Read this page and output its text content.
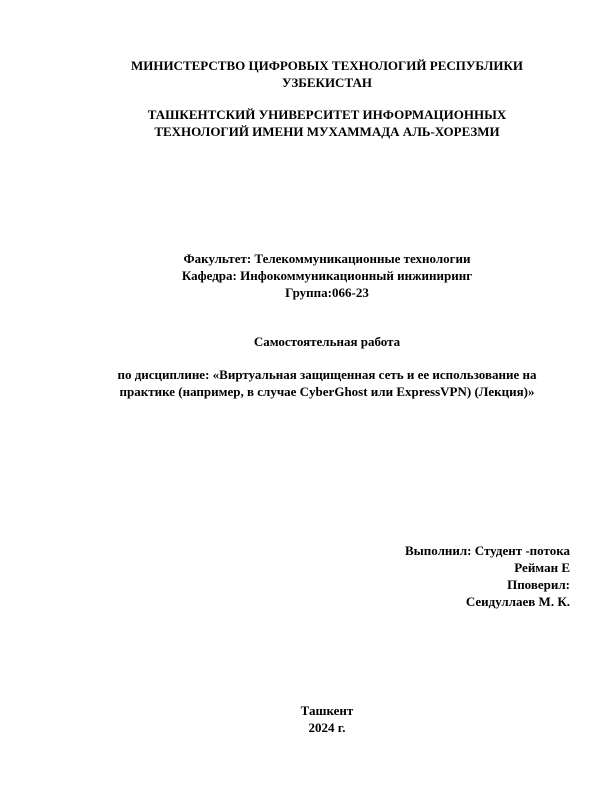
МИНИСТЕРСТВО ЦИФРОВЫХ ТЕХНОЛОГИЙ РЕСПУБЛИКИ
УЗБЕКИСТАН
ТАШКЕНТСКИЙ УНИВЕРСИТЕТ ИНФОРМАЦИОННЫХ
ТЕХНОЛОГИЙ ИМЕНИ МУХАММАДА АЛЬ-ХОРЕЗМИ
Факультет: Телекоммуникационные технологии
Кафедра: Инфокоммуникационный инжиниринг
Группа:066-23
Самостоятельная работа
по дисциплине: «Виртуальная защищенная сеть и ее использование на
практике (например, в случае CyberGhost или ExpressVPN) (Лекция)»
Выполнил: Студент -потока
Рейман Е
Пповерил:
Сеидуллаев М. К.
Ташкент
2024 г.
